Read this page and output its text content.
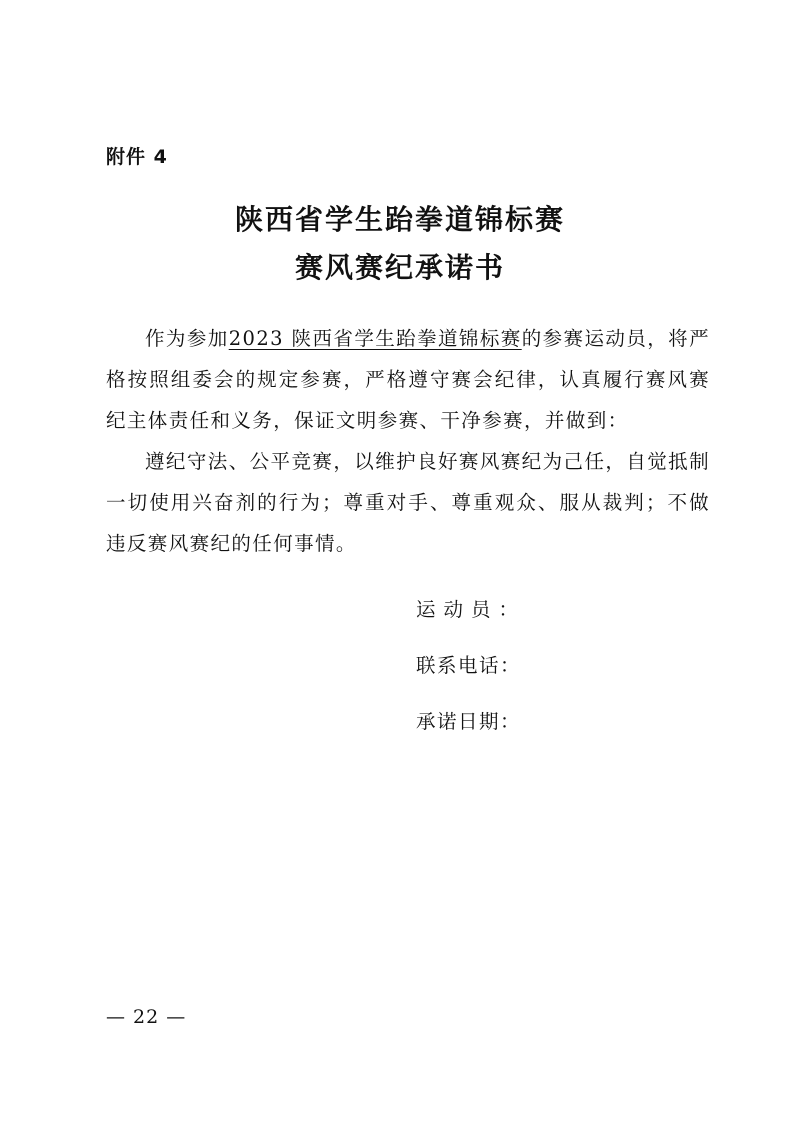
附件 4
陕西省学生跆拳道锦标赛
赛风赛纪承诺书

作为参加2023 陕西省学生跆拳道锦标赛的参赛运动员，将严格按照组委会的规定参赛，严格遵守赛会纪律，认真履行赛风赛纪主体责任和义务，保证文明参赛、干净参赛，并做到：

遵纪守法、公平竞赛，以维护良好赛风赛纪为己任，自觉抵制一切使用兴奋剂的行为；尊重对手、尊重观众、服从裁判；不做违反赛风赛纪的任何事情。

运动员：
联系电话：
承诺日期：
— 22 —
